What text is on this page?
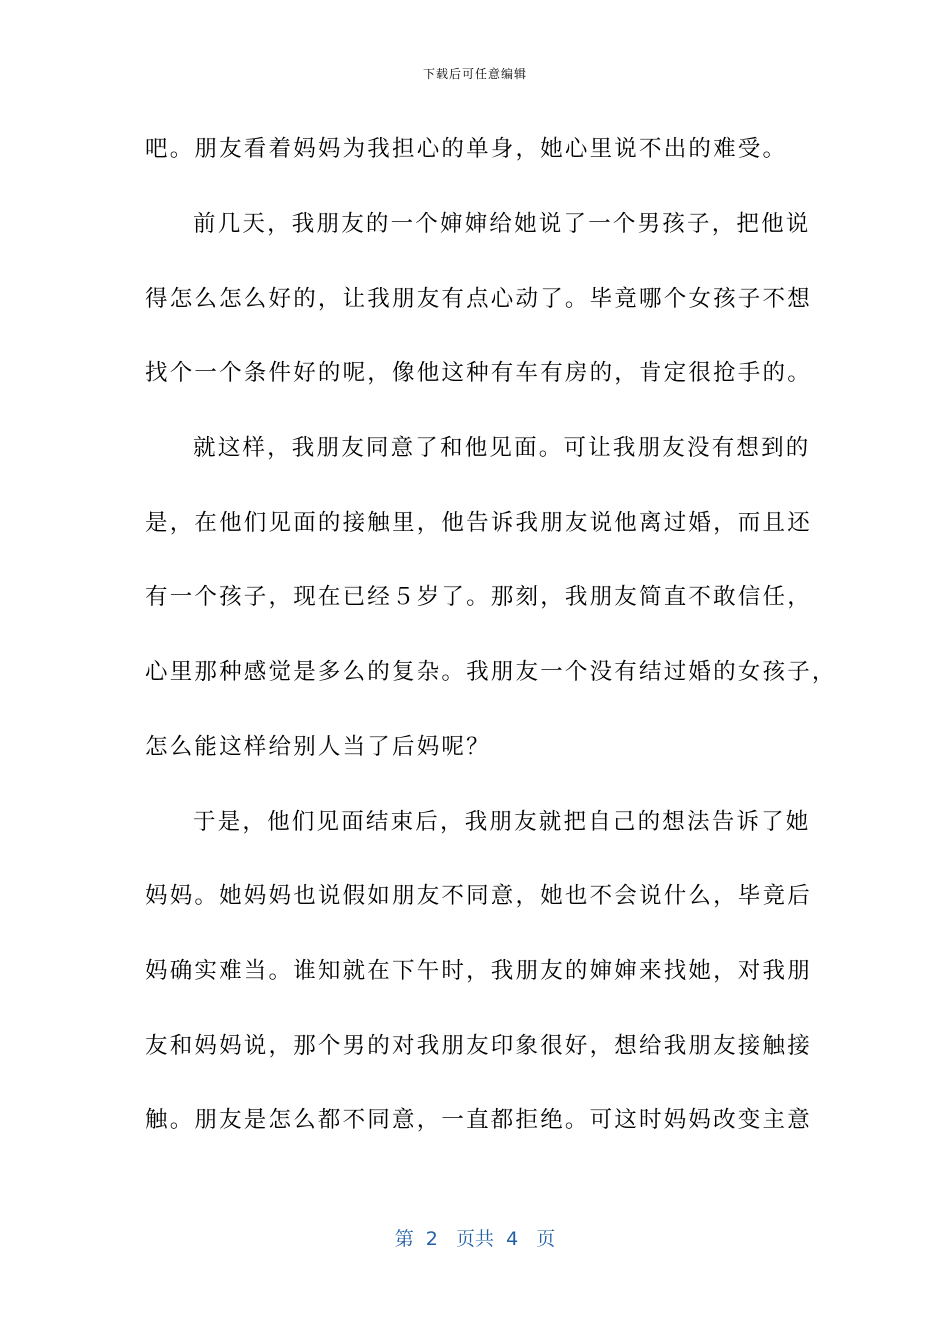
下载后可任意编辑
吧。朋友看着妈妈为我担心的单身，她心里说不出的难受。
前几天，我朋友的一个婶婶给她说了一个男孩子，把他说
得怎么怎么好的，让我朋友有点心动了。毕竟哪个女孩子不想
找个一个条件好的呢，像他这种有车有房的，肯定很抢手的。
就这样，我朋友同意了和他见面。可让我朋友没有想到的
是，在他们见面的接触里，他告诉我朋友说他离过婚，而且还
有一个孩子，现在已经５岁了。那刻，我朋友简直不敢信任，
心里那种感觉是多么的复杂。我朋友一个没有结过婚的女孩子，
怎么能这样给别人当了后妈呢？
于是，他们见面结束后，我朋友就把自己的想法告诉了她
妈妈。她妈妈也说假如朋友不同意，她也不会说什么，毕竟后
妈确实难当。谁知就在下午时，我朋友的婶婶来找她，对我朋
友和妈妈说，那个男的对我朋友印象很好，想给我朋友接触接
触。朋友是怎么都不同意，一直都拒绝。可这时妈妈改变主意
第  2   页共  4   页
